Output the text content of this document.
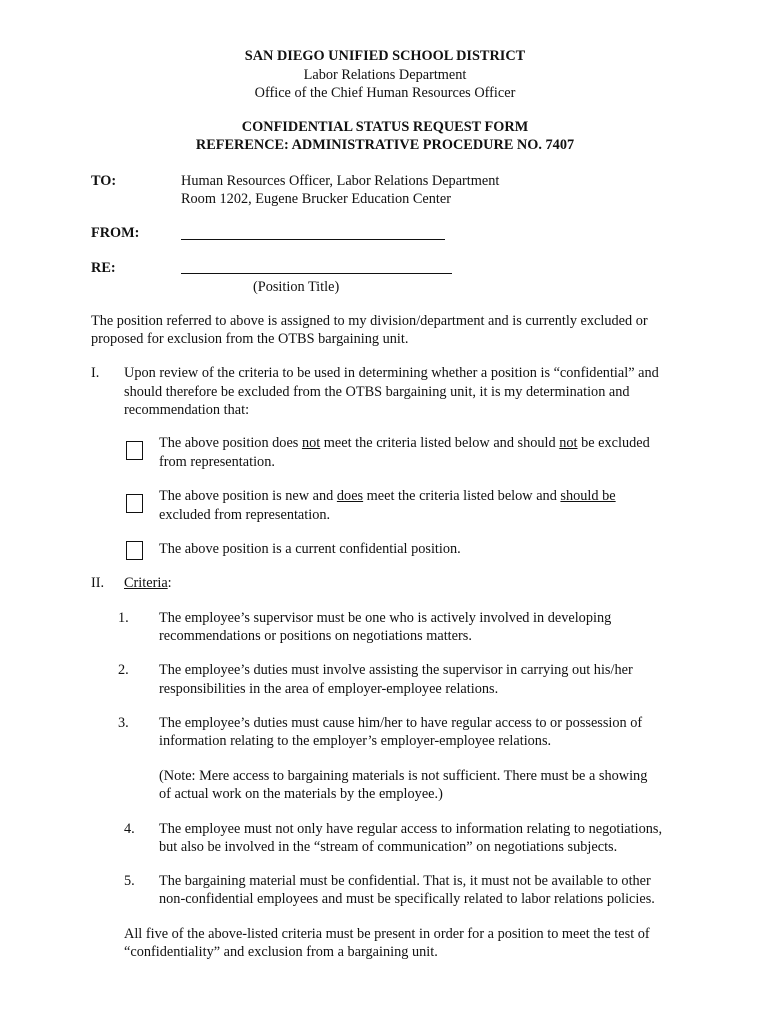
SAN DIEGO UNIFIED SCHOOL DISTRICT
Labor Relations Department
Office of the Chief Human Resources Officer
CONFIDENTIAL STATUS REQUEST FORM
REFERENCE: ADMINISTRATIVE PROCEDURE NO. 7407
TO:	Human Resources Officer, Labor Relations Department
Room 1202, Eugene Brucker Education Center
FROM:
RE:
(Position Title)
The position referred to above is assigned to my division/department and is currently excluded or
proposed for exclusion from the OTBS bargaining unit.
I. Upon review of the criteria to be used in determining whether a position is “confidential” and
should therefore be excluded from the OTBS bargaining unit, it is my determination and
recommendation that:
The above position does not meet the criteria listed below and should not be excluded
from representation.
The above position is new and does meet the criteria listed below and should be
excluded from representation.
The above position is a current confidential position.
II. Criteria:
1. The employee’s supervisor must be one who is actively involved in developing
recommendations or positions on negotiations matters.
2. The employee’s duties must involve assisting the supervisor in carrying out his/her
responsibilities in the area of employer-employee relations.
3. The employee’s duties must cause him/her to have regular access to or possession of
information relating to the employer’s employer-employee relations.
(Note: Mere access to bargaining materials is not sufficient. There must be a showing
of actual work on the materials by the employee.)
4. The employee must not only have regular access to information relating to negotiations,
but also be involved in the “stream of communication” on negotiations subjects.
5. The bargaining material must be confidential. That is, it must not be available to other
non-confidential employees and must be specifically related to labor relations policies.
All five of the above-listed criteria must be present in order for a position to meet the test of
“confidentiality” and exclusion from a bargaining unit.
